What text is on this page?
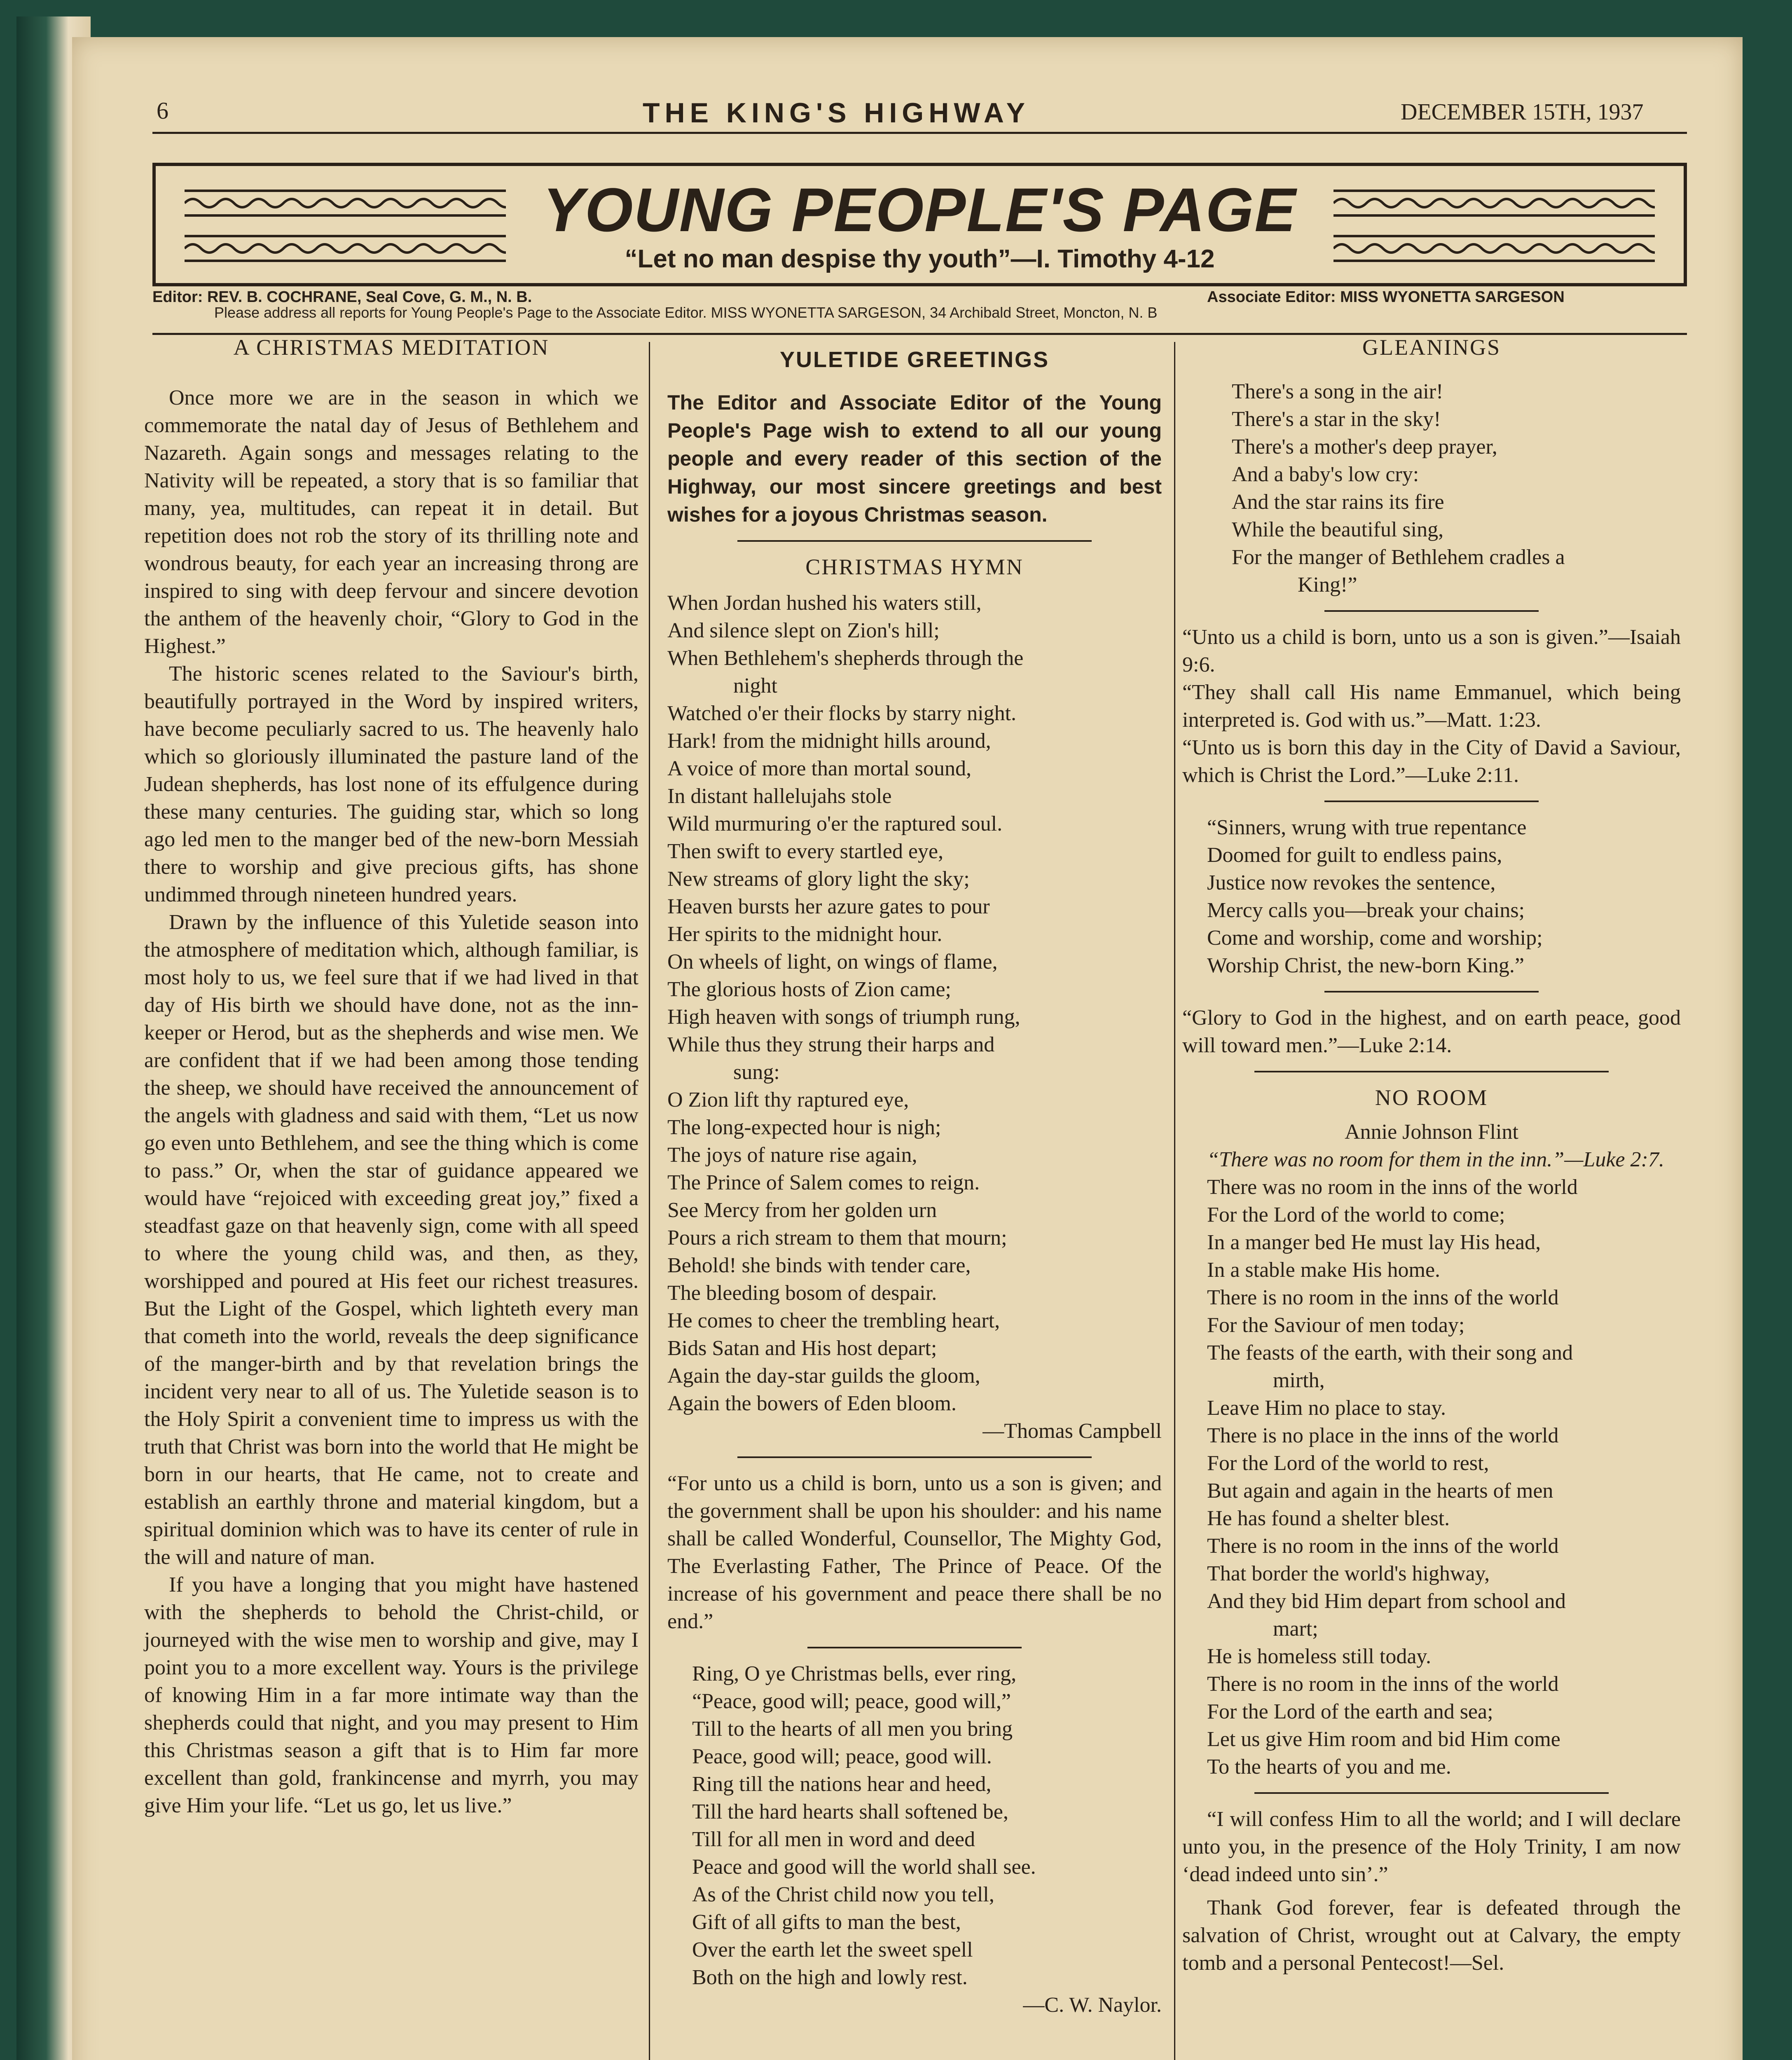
6	THE KING'S HIGHWAY	DECEMBER 15TH, 1937
YOUNG PEOPLE'S PAGE
“Let no man despise thy youth”—I. Timothy 4-12
Editor: REV. B. COCHRANE, Seal Cove, G. M., N. B.	Associate Editor: MISS WYONETTA SARGESON
Please address all reports for Young People's Page to the Associate Editor. MISS WYONETTA SARGESON, 34 Archibald Street, Moncton, N. B
A CHRISTMAS MEDITATION

Once more we are in the season in which we commemorate the natal day of Jesus of Bethlehem and Nazareth. Again songs and messages relating to the Nativity will be repeated, a story that is so familiar that many, yea, multitudes, can repeat it in detail. But repetition does not rob the story of its thrilling note and wondrous beauty, for each year an increasing throng are inspired to sing with deep fervour and sincere devotion the anthem of the heavenly choir, “Glory to God in the Highest.”

The historic scenes related to the Saviour's birth, beautifully portrayed in the Word by inspired writers, have become peculiarly sacred to us. The heavenly halo which so gloriously illuminated the pasture land of the Judean shepherds, has lost none of its effulgence during these many centuries. The guiding star, which so long ago led men to the manger bed of the new-born Messiah there to worship and give precious gifts, has shone undimmed through nineteen hundred years.

Drawn by the influence of this Yuletide season into the atmosphere of meditation which, although familiar, is most holy to us, we feel sure that if we had lived in that day of His birth we should have done, not as the inn-keeper or Herod, but as the shepherds and wise men. We are confident that if we had been among those tending the sheep, we should have received the announcement of the angels with gladness and said with them, “Let us now go even unto Bethlehem, and see the thing which is come to pass.” Or, when the star of guidance appeared we would have “rejoiced with exceeding great joy,” fixed a steadfast gaze on that heavenly sign, come with all speed to where the young child was, and then, as they, worshipped and poured at His feet our richest treasures. But the Light of the Gospel, which lighteth every man that cometh into the world, reveals the deep significance of the manger-birth and by that revelation brings the incident very near to all of us. The Yuletide season is to the Holy Spirit a convenient time to impress us with the truth that Christ was born into the world that He might be born in our hearts, that He came, not to create and establish an earthly throne and material kingdom, but a spiritual dominion which was to have its center of rule in the will and nature of man.

If you have a longing that you might have hastened with the shepherds to behold the Christ-child, or journeyed with the wise men to worship and give, may I point you to a more excellent way. Yours is the privilege of knowing Him in a far more intimate way than the shepherds could that night, and you may present to Him this Christmas season a gift that is to Him far more excellent than gold, frankincense and myrrh, you may give Him your life. “Let us go, let us live.”

YULETIDE GREETINGS
The Editor and Associate Editor of the Young People's Page wish to extend to all our young people and every reader of this section of the Highway, our most sincere greetings and best wishes for a joyous Christmas season.
CHRISTMAS HYMN
When Jordan hushed his waters still,
And silence slept on Zion's hill;
When Bethlehem's shepherds through the
night
Watched o'er their flocks by starry night.
Hark! from the midnight hills around,
A voice of more than mortal sound,
In distant hallelujahs stole
Wild murmuring o'er the raptured soul.
Then swift to every startled eye,
New streams of glory light the sky;
Heaven bursts her azure gates to pour
Her spirits to the midnight hour.
On wheels of light, on wings of flame,
The glorious hosts of Zion came;
High heaven with songs of triumph rung,
While thus they strung their harps and
sung:
O Zion lift thy raptured eye,
The long-expected hour is nigh;
The joys of nature rise again,
The Prince of Salem comes to reign.
See Mercy from her golden urn
Pours a rich stream to them that mourn;
Behold! she binds with tender care,
The bleeding bosom of despair.
He comes to cheer the trembling heart,
Bids Satan and His host depart;
Again the day-star guilds the gloom,
Again the bowers of Eden bloom.
—Thomas Campbell
“For unto us a child is born, unto us a son is given; and the government shall be upon his shoulder: and his name shall be called Wonderful, Counsellor, The Mighty God, The Everlasting Father, The Prince of Peace. Of the increase of his government and peace there shall be no end.”
Ring, O ye Christmas bells, ever ring,
“Peace, good will; peace, good will,”
Till to the hearts of all men you bring
Peace, good will; peace, good will.
Ring till the nations hear and heed,
Till the hard hearts shall softened be,
Till for all men in word and deed
Peace and good will the world shall see.
As of the Christ child now you tell,
Gift of all gifts to man the best,
Over the earth let the sweet spell
Both on the high and lowly rest.
—C. W. Naylor.
GLEANINGS
There's a song in the air!
There's a star in the sky!
There's a mother's deep prayer,
And a baby's low cry:
And the star rains its fire
While the beautiful sing,
For the manger of Bethlehem cradles a
King!”
“Unto us a child is born, unto us a son is given.”—Isaiah 9:6.
“They shall call His name Emmanuel, which being interpreted is. God with us.”—Matt. 1:23.
“Unto us is born this day in the City of David a Saviour, which is Christ the Lord.”—Luke 2:11.
“Sinners, wrung with true repentance
Doomed for guilt to endless pains,
Justice now revokes the sentence,
Mercy calls you—break your chains;
Come and worship, come and worship;
Worship Christ, the new-born King.”
“Glory to God in the highest, and on earth peace, good will toward men.”—Luke 2:14.
NO ROOM
Annie Johnson Flint
“There was no room for them in the inn.”—Luke 2:7.
There was no room in the inns of the world
For the Lord of the world to come;
In a manger bed He must lay His head,
In a stable make His home.
There is no room in the inns of the world
For the Saviour of men today;
The feasts of the earth, with their song and
mirth,
Leave Him no place to stay.
There is no place in the inns of the world
For the Lord of the world to rest,
But again and again in the hearts of men
He has found a shelter blest.
There is no room in the inns of the world
That border the world's highway,
And they bid Him depart from school and
mart;
He is homeless still today.
There is no room in the inns of the world
For the Lord of the earth and sea;
Let us give Him room and bid Him come
To the hearts of you and me.
“I will confess Him to all the world; and I will declare unto you, in the presence of the Holy Trinity, I am now ‘dead indeed unto sin’.”
Thank God forever, fear is defeated through the salvation of Christ, wrought out at Calvary, the empty tomb and a personal Pentecost!—Sel.
